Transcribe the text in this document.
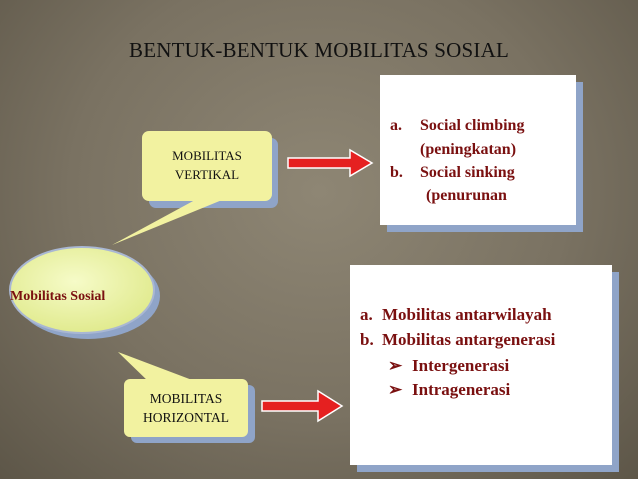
BENTUK-BENTUK MOBILITAS SOSIAL
MOBILITAS
VERTIKAL
MOBILITAS
HORIZONTAL
Mobilitas Sosial
a. Social climbing
(peningkatan)
b. Social sinking
(penurunan
a. Mobilitas antarwilayah
b. Mobilitas antargenerasi
➢ Intergenerasi
➢ Intragenerasi
